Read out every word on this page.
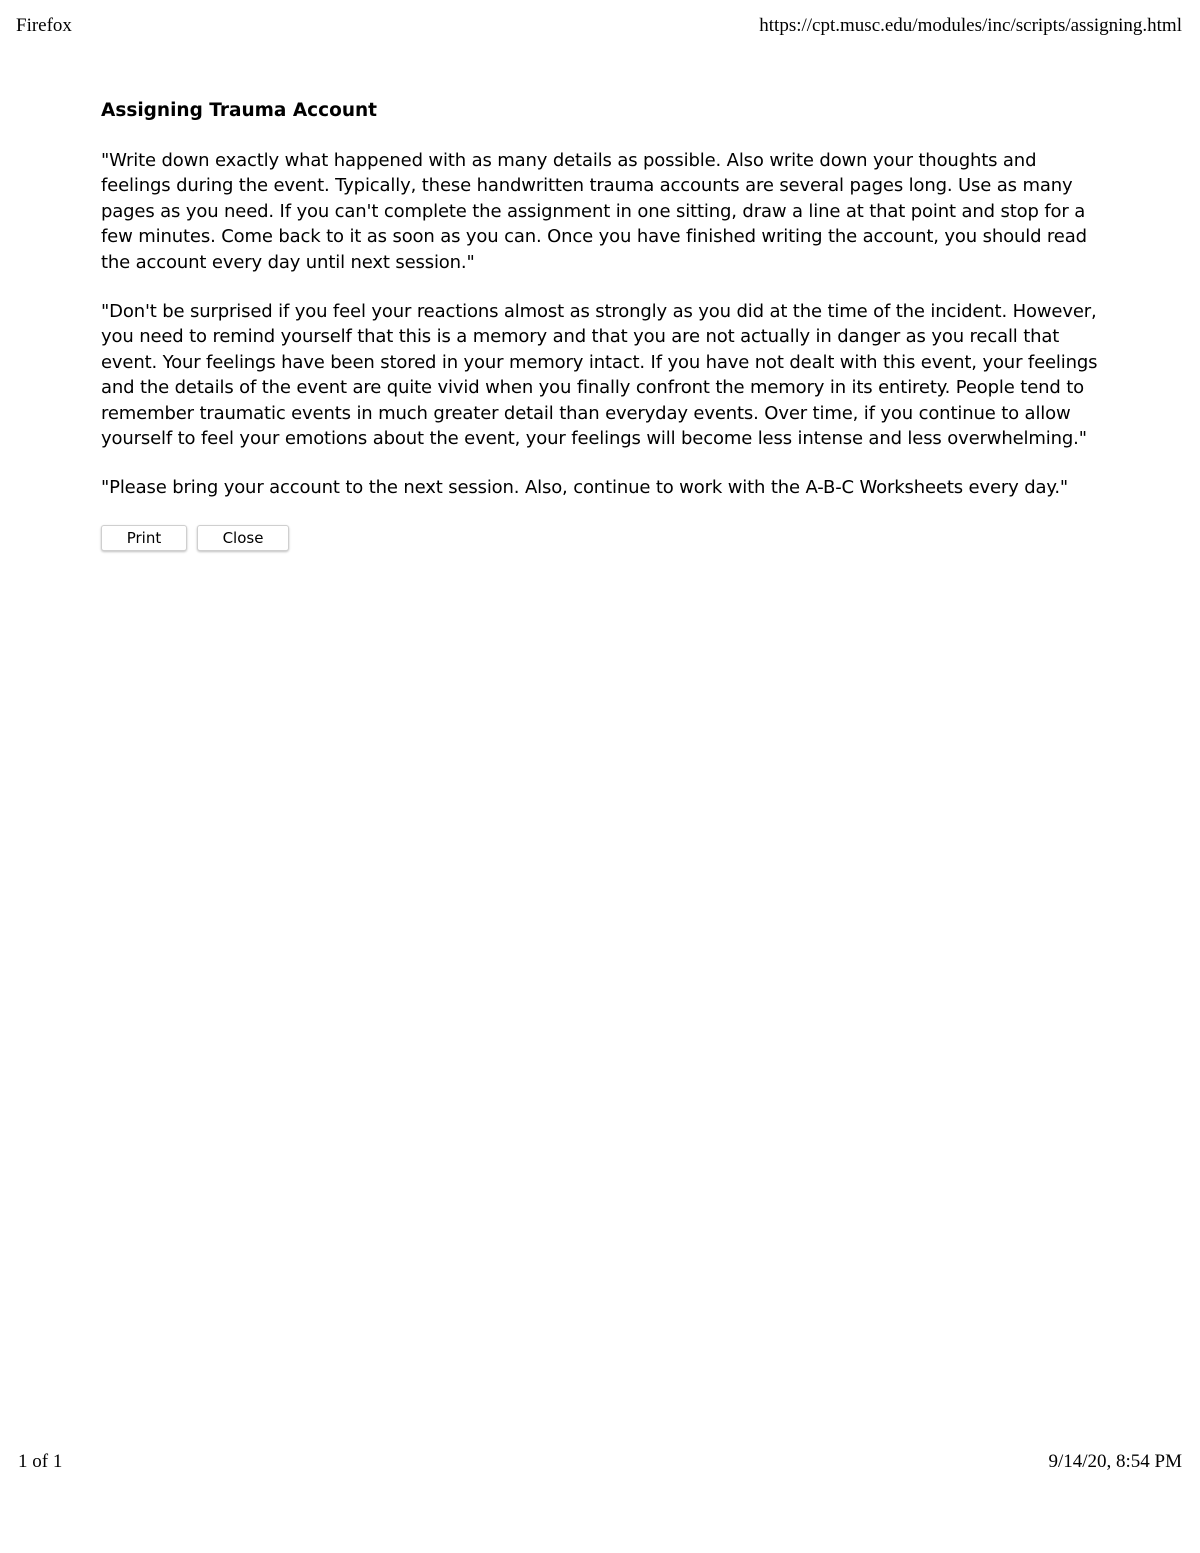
Firefox	https://cpt.musc.edu/modules/inc/scripts/assigning.html
Assigning Trauma Account

"Write down exactly what happened with as many details as possible. Also write down your thoughts and feelings during the event. Typically, these handwritten trauma accounts are several pages long. Use as many pages as you need. If you can't complete the assignment in one sitting, draw a line at that point and stop for a few minutes. Come back to it as soon as you can. Once you have finished writing the account, you should read the account every day until next session."

"Don't be surprised if you feel your reactions almost as strongly as you did at the time of the incident. However, you need to remind yourself that this is a memory and that you are not actually in danger as you recall that event. Your feelings have been stored in your memory intact. If you have not dealt with this event, your feelings and the details of the event are quite vivid when you finally confront the memory in its entirety. People tend to remember traumatic events in much greater detail than everyday events. Over time, if you continue to allow yourself to feel your emotions about the event, your feelings will become less intense and less overwhelming."

"Please bring your account to the next session. Also, continue to work with the A-B-C Worksheets every day."

Print	Close
1 of 1	9/14/20, 8:54 PM
